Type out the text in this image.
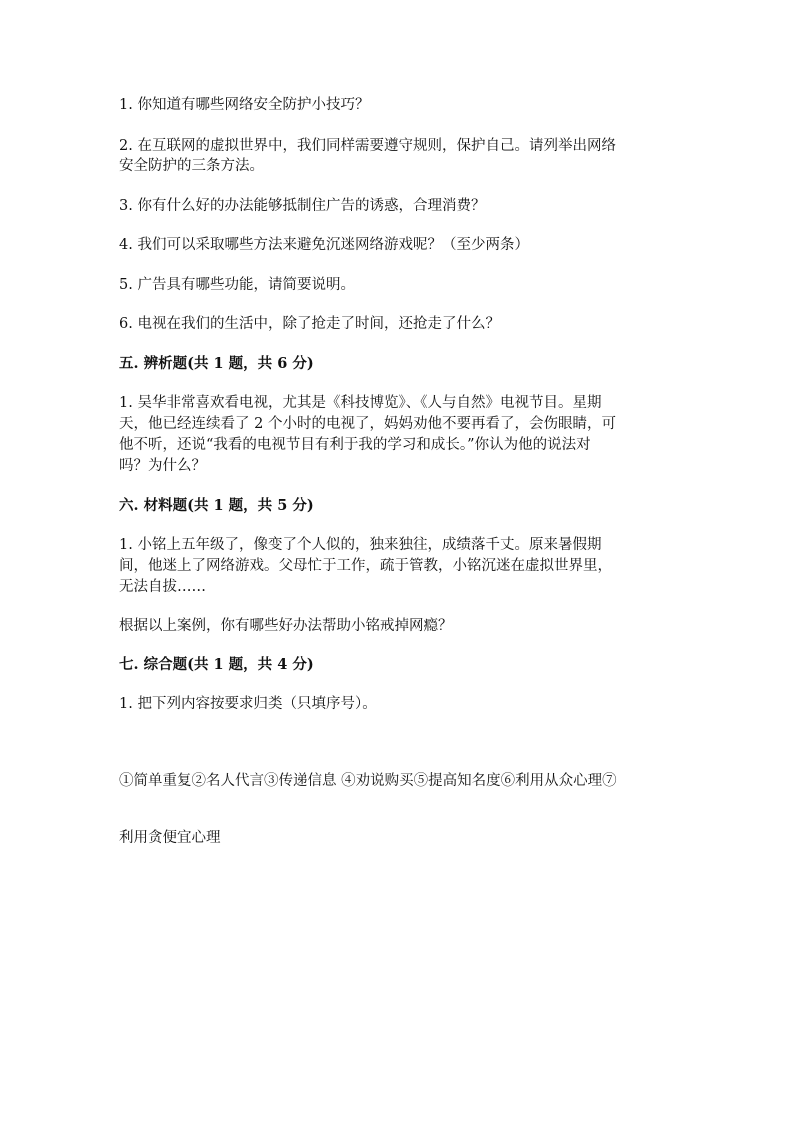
1. 你知道有哪些网络安全防护小技巧？
2. 在互联网的虚拟世界中，我们同样需要遵守规则，保护自己。请列举出网络
安全防护的三条方法。
3. 你有什么好的办法能够抵制住广告的诱惑，合理消费？
4. 我们可以采取哪些方法来避免沉迷网络游戏呢？（至少两条）
5. 广告具有哪些功能，请简要说明。
6. 电视在我们的生活中，除了抢走了时间，还抢走了什么？
五. 辨析题(共 1 题，共 6 分)
1. 吴华非常喜欢看电视，尤其是《科技博览》、《人与自然》电视节目。星期
天，他已经连续看了 2 个小时的电视了，妈妈劝他不要再看了，会伤眼睛，可
他不听，还说“我看的电视节目有利于我的学习和成长。”你认为他的说法对
吗？为什么？
六. 材料题(共 1 题，共 5 分)
1. 小铭上五年级了，像变了个人似的，独来独往，成绩落千丈。原来暑假期
间，他迷上了网络游戏。父母忙于工作，疏于管教，小铭沉迷在虚拟世界里，
无法自拔……
根据以上案例，你有哪些好办法帮助小铭戒掉网瘾？
七. 综合题(共 1 题，共 4 分)
1. 把下列内容按要求归类（只填序号）。
①简单重复②名人代言③传递信息 ④劝说购买⑤提高知名度⑥利用从众心理⑦
利用贪便宜心理
